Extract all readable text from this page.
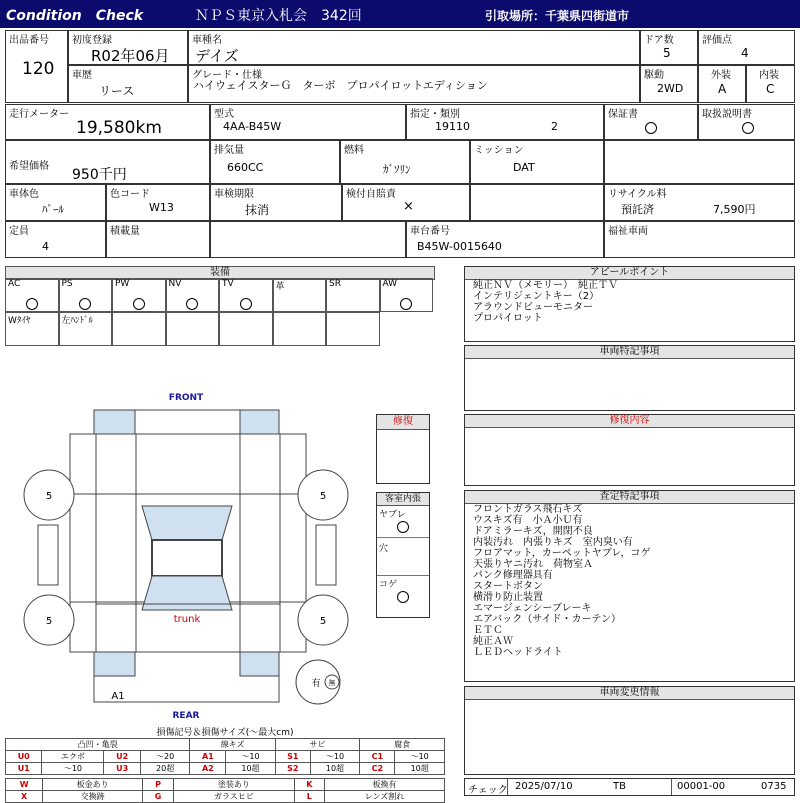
Condition　Check	ＮＰＳ東京入札会　342回	引取場所：千葉県四街道市
出品番号
120
初度登録
R02年06月
車種名
デイズ
ドア数
5
評価点
4
車歴
リース
グレード・仕様
ハイウェイスターＧ　ターボ　プロパイロットエディション
駆動
2WD
外装
A
内装
C
走行メーター
19,580km
型式
4AA-B45W
指定・類別
19110	2
保証書	取扱説明書
希望価格
950千円
排気量
660CC
燃料
ｶﾞｿﾘﾝ
ミッション
DAT
車体色
ﾊﾟｰﾙ
色コード
W13
車検期限
抹消
検付自賠責
×
リサイクル料
預託済	7,590円
定員
4
積載量	車台番号
B45W-0015640
福祉車両
装備
AC	PS	PW	NV	TV	革	SR	AW
Wﾀｲﾔ	左ﾊﾝﾄﾞﾙ
アピールポイント
純正ＮＶ（メモリー）　純正ＴＶ
インテリジェントキー（2）
アラウンドビューモニター
プロパイロット
車両特記事項
修復内容
査定特記事項
フロントガラス飛石キズ
ウスキズ有　小Ａ小Ｕ有
ドアミラーキズ，開閉不良
内装汚れ　内張りキズ　室内臭い有
フロアマット，カーペットヤブレ，コゲ
天張りヤニ汚れ　荷物室Ａ
パンク修理器具有
スタートボタン
横滑り防止装置
エマージェンシーブレーキ
エアバック（サイド・カーテン）
ＥＴＣ
純正ＡＷ
ＬＥＤヘッドライト
車両変更情報
修復
客室内張
ヤブレ
穴
コゲ
FRONT
REAR
5	5
5	5
trunk
A1
有 無
損傷記号＆損傷サイズ(〜最大cm)
凸凹・亀裂				線キズ		サビ		腐食	
U0	エクボ	U2	〜20	A1	〜10	S1	〜10	C1	〜10
U1	〜10	U3	20超	A2	10超	S2	10超	C2	10超
W	板金あり	P	塗装あり	K	板換有
X	交換跡	G	ガラスヒビ	L	レンズ割れ
チェック 2025/07/10	TB	00001-00	0735
